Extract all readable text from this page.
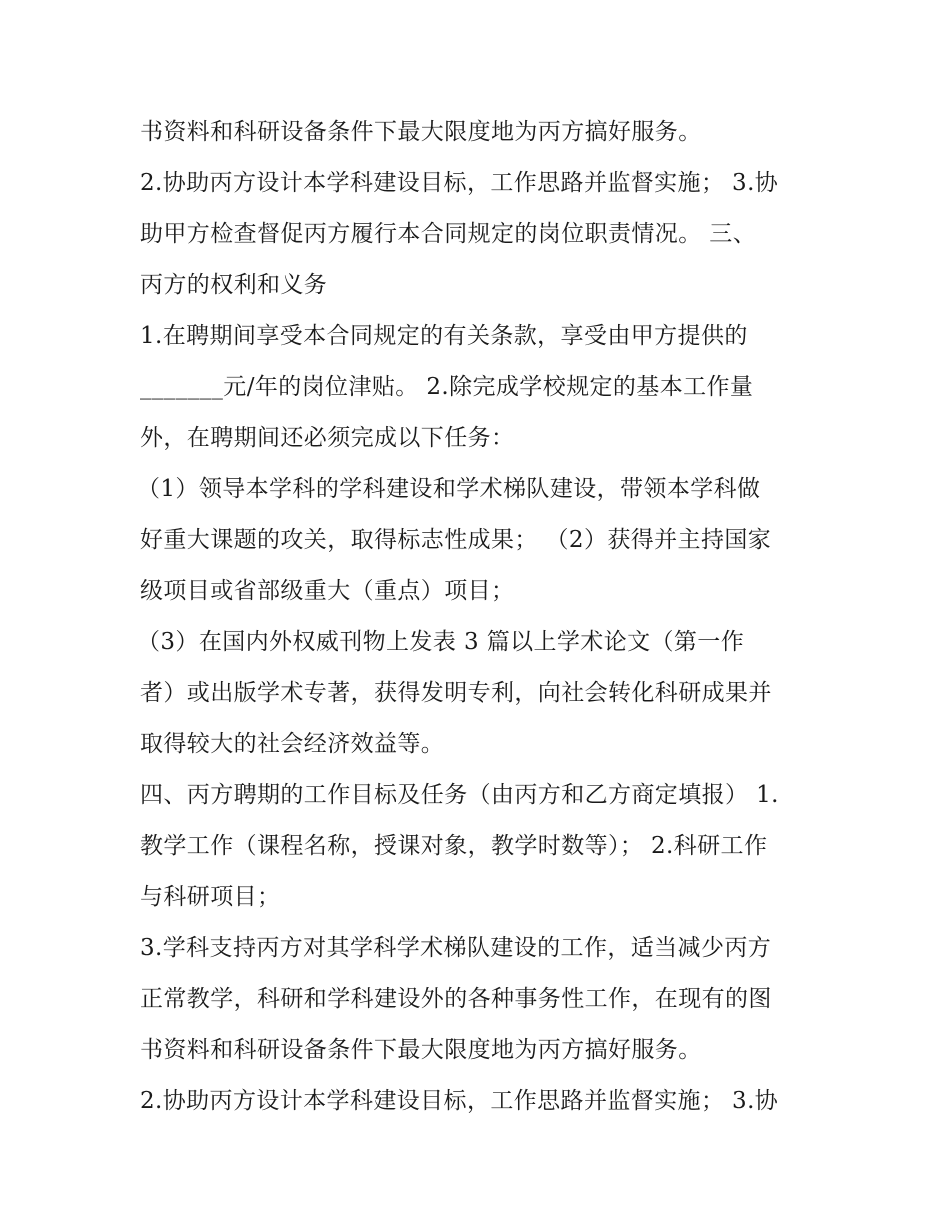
书资料和科研设备条件下最大限度地为丙方搞好服务。
2.协助丙方设计本学科建设目标，工作思路并监督实施； 3.协
助甲方检查督促丙方履行本合同规定的岗位职责情况。 三、
丙方的权利和义务
1.在聘期间享受本合同规定的有关条款，享受由甲方提供的
_______元/年的岗位津贴。 2.除完成学校规定的基本工作量
外，在聘期间还必须完成以下任务：
（1）领导本学科的学科建设和学术梯队建设，带领本学科做
好重大课题的攻关，取得标志性成果； （2）获得并主持国家
级项目或省部级重大（重点）项目；
（3）在国内外权威刊物上发表 3 篇以上学术论文（第一作
者）或出版学术专著，获得发明专利，向社会转化科研成果并
取得较大的社会经济效益等。
四、丙方聘期的工作目标及任务（由丙方和乙方商定填报） 1.
教学工作（课程名称，授课对象，教学时数等）； 2.科研工作
与科研项目；
3.学科支持丙方对其学科学术梯队建设的工作，适当减少丙方
正常教学，科研和学科建设外的各种事务性工作，在现有的图
书资料和科研设备条件下最大限度地为丙方搞好服务。
2.协助丙方设计本学科建设目标，工作思路并监督实施； 3.协
